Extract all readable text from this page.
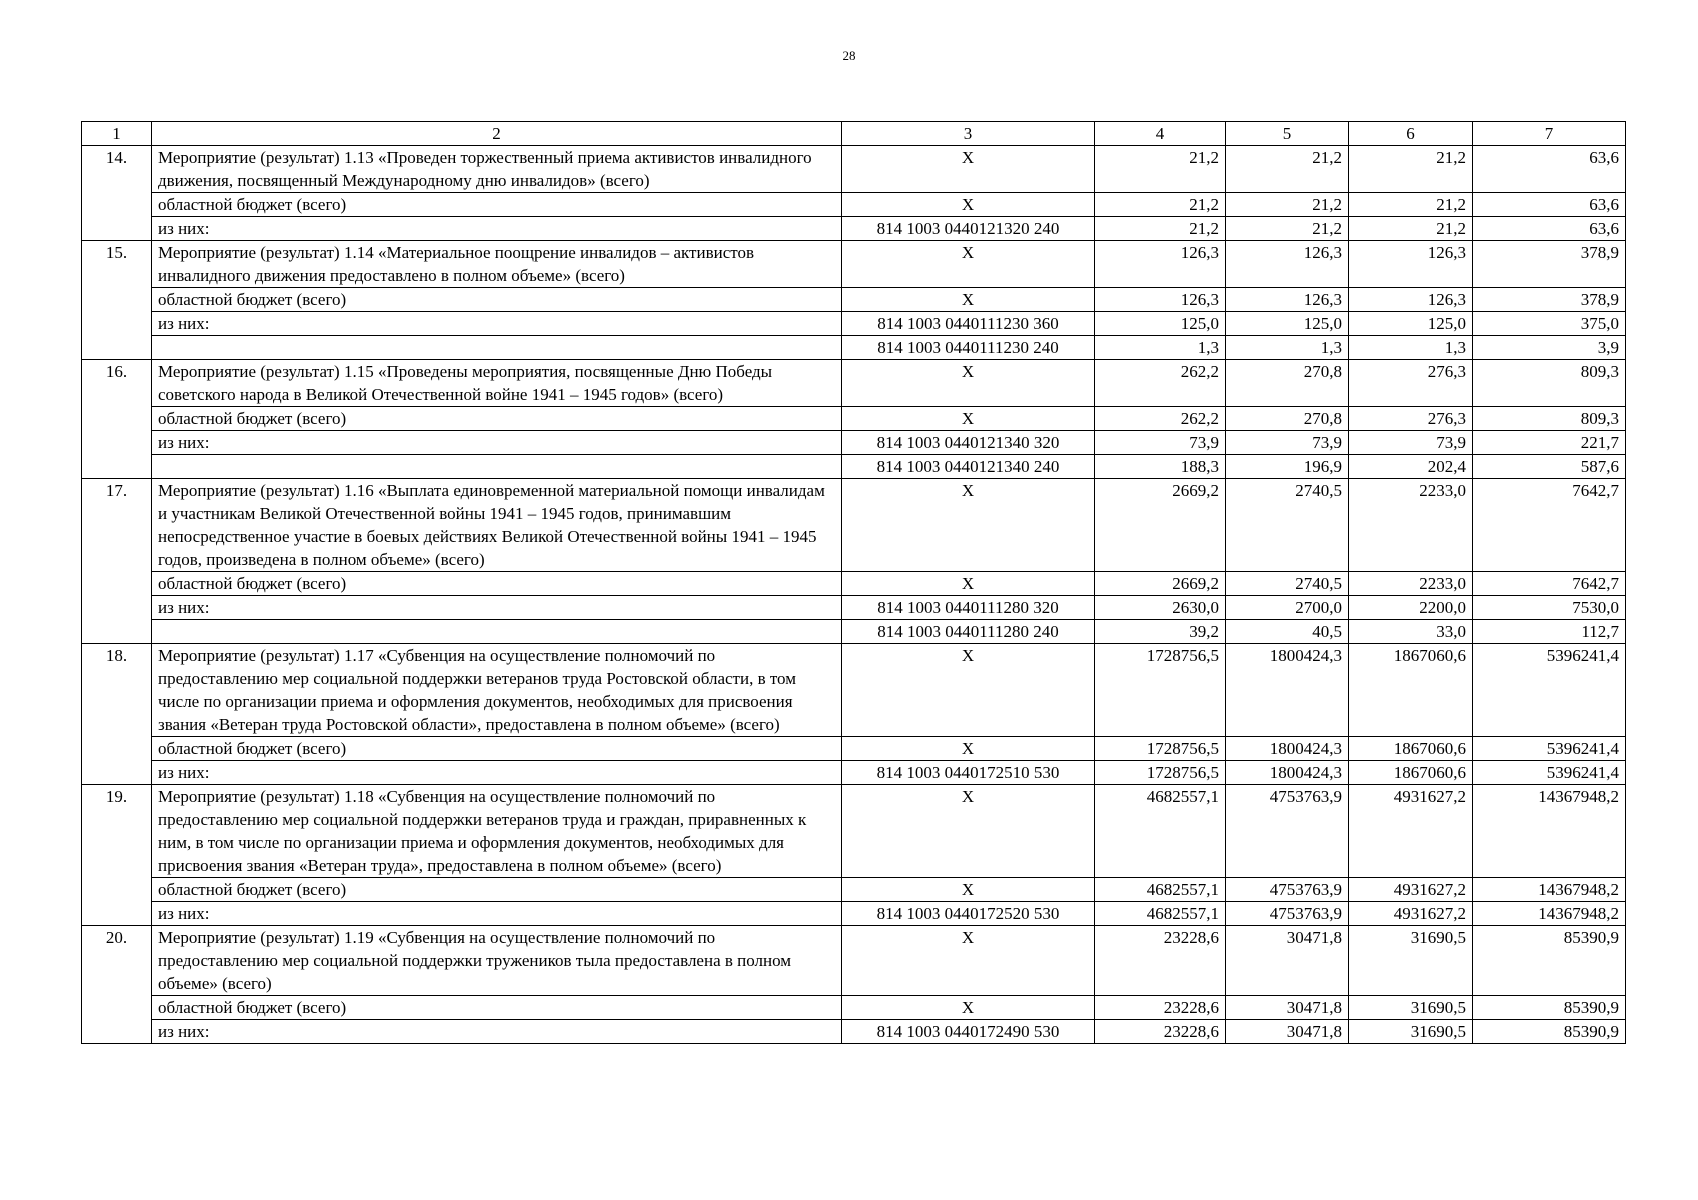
28
1	2	3	4	5	6	7
14.	Мероприятие (результат) 1.13 «Проведен торжественный приема активистов инвалидного движения, посвященный Международному дню инвалидов» (всего)	Х	21,2	21,2	21,2	63,6
	областной бюджет (всего)	Х	21,2	21,2	21,2	63,6
	из них:	814 1003 0440121320 240	21,2	21,2	21,2	63,6
15.	Мероприятие (результат) 1.14 «Материальное поощрение инвалидов – активистов инвалидного движения предоставлено в полном объеме» (всего)	Х	126,3	126,3	126,3	378,9
	областной бюджет (всего)	Х	126,3	126,3	126,3	378,9
	из них:	814 1003 0440111230 360	125,0	125,0	125,0	375,0
		814 1003 0440111230 240	1,3	1,3	1,3	3,9
16.	Мероприятие (результат) 1.15 «Проведены мероприятия, посвященные Дню Победы советского народа в Великой Отечественной войне 1941 – 1945 годов» (всего)	Х	262,2	270,8	276,3	809,3
	областной бюджет (всего)	Х	262,2	270,8	276,3	809,3
	из них:	814 1003 0440121340 320	73,9	73,9	73,9	221,7
		814 1003 0440121340 240	188,3	196,9	202,4	587,6
17.	Мероприятие (результат) 1.16 «Выплата единовременной материальной помощи инвалидам и участникам Великой Отечественной войны 1941 – 1945 годов, принимавшим непосредственное участие в боевых действиях Великой Отечественной войны 1941 – 1945 годов, произведена в полном объеме» (всего)	Х	2669,2	2740,5	2233,0	7642,7
	областной бюджет (всего)	Х	2669,2	2740,5	2233,0	7642,7
	из них:	814 1003 0440111280 320	2630,0	2700,0	2200,0	7530,0
		814 1003 0440111280 240	39,2	40,5	33,0	112,7
18.	Мероприятие (результат) 1.17 «Субвенция на осуществление полномочий по предоставлению мер социальной поддержки ветеранов труда Ростовской области, в том числе по организации приема и оформления документов, необходимых для присвоения звания «Ветеран труда Ростовской области», предоставлена в полном объеме» (всего)	Х	1728756,5	1800424,3	1867060,6	5396241,4
	областной бюджет (всего)	Х	1728756,5	1800424,3	1867060,6	5396241,4
	из них:	814 1003 0440172510 530	1728756,5	1800424,3	1867060,6	5396241,4
19.	Мероприятие (результат) 1.18 «Субвенция на осуществление полномочий по предоставлению мер социальной поддержки ветеранов труда и граждан, приравненных к ним, в том числе по организации приема и оформления документов, необходимых для присвоения звания «Ветеран труда», предоставлена в полном объеме» (всего)	Х	4682557,1	4753763,9	4931627,2	14367948,2
	областной бюджет (всего)	Х	4682557,1	4753763,9	4931627,2	14367948,2
	из них:	814 1003 0440172520 530	4682557,1	4753763,9	4931627,2	14367948,2
20.	Мероприятие (результат) 1.19 «Субвенция на осуществление полномочий по предоставлению мер социальной поддержки тружеников тыла предоставлена в полном объеме» (всего)	Х	23228,6	30471,8	31690,5	85390,9
	областной бюджет (всего)	Х	23228,6	30471,8	31690,5	85390,9
	из них:	814 1003 0440172490 530	23228,6	30471,8	31690,5	85390,9
